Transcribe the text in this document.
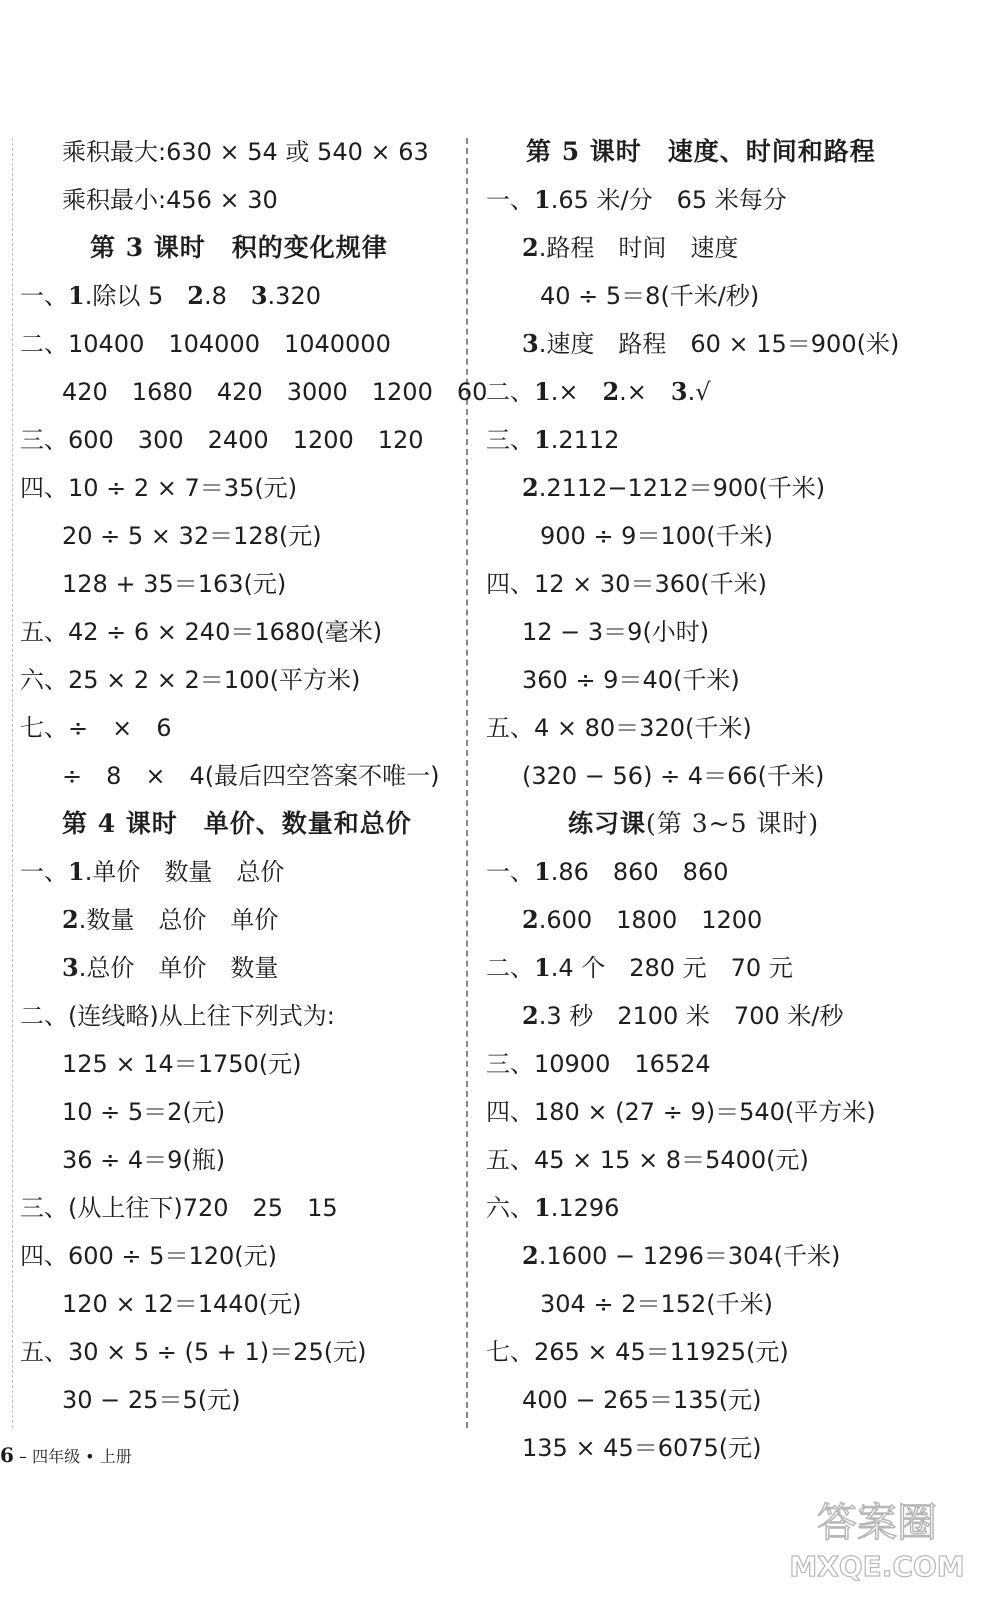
乘积最大:630 × 54 或 540 × 63
乘积最小:456 × 30
第 3 课时　积的变化规律
一、1.除以 5　2.8　3.320
二、10400　104000　1040000
420　1680　420　3000　1200　60
三、600　300　2400　1200　120
四、10 ÷ 2 × 7＝35(元)
20 ÷ 5 × 32＝128(元)
128 + 35＝163(元)
五、42 ÷ 6 × 240＝1680(毫米)
六、25 × 2 × 2＝100(平方米)
七、÷　×　6
÷　8　×　4(最后四空答案不唯一)
第 4 课时　单价、数量和总价
一、1.单价　数量　总价
2.数量　总价　单价
3.总价　单价　数量
二、(连线略)从上往下列式为:
125 × 14＝1750(元)
10 ÷ 5＝2(元)
36 ÷ 4＝9(瓶)
三、(从上往下)720　25　15
四、600 ÷ 5＝120(元)
120 × 12＝1440(元)
五、30 × 5 ÷ (5 + 1)＝25(元)
30 − 25＝5(元)
第 5 课时　速度、时间和路程
一、1.65 米/分　65 米每分
2.路程　时间　速度
40 ÷ 5＝8(千米/秒)
3.速度　路程　60 × 15＝900(米)
二、1.×　2.×　3.√
三、1.2112
2.2112−1212＝900(千米)
900 ÷ 9＝100(千米)
四、12 × 30＝360(千米)
12 − 3＝9(小时)
360 ÷ 9＝40(千米)
五、4 × 80＝320(千米)
(320 − 56) ÷ 4＝66(千米)
练习课(第 3~5 课时)
一、1.86　860　860
2.600　1800　1200
二、1.4 个　280 元　70 元
2.3 秒　2100 米　700 米/秒
三、10900　16524
四、180 × (27 ÷ 9)＝540(平方米)
五、45 × 15 × 8＝5400(元)
六、1.1296
2.1600 − 1296＝304(千米)
304 ÷ 2＝152(千米)
七、265 × 45＝11925(元)
400 − 265＝135(元)
135 × 45＝6075(元)
6 – 四年级 • 上册
答案圈
MXQE.COM
